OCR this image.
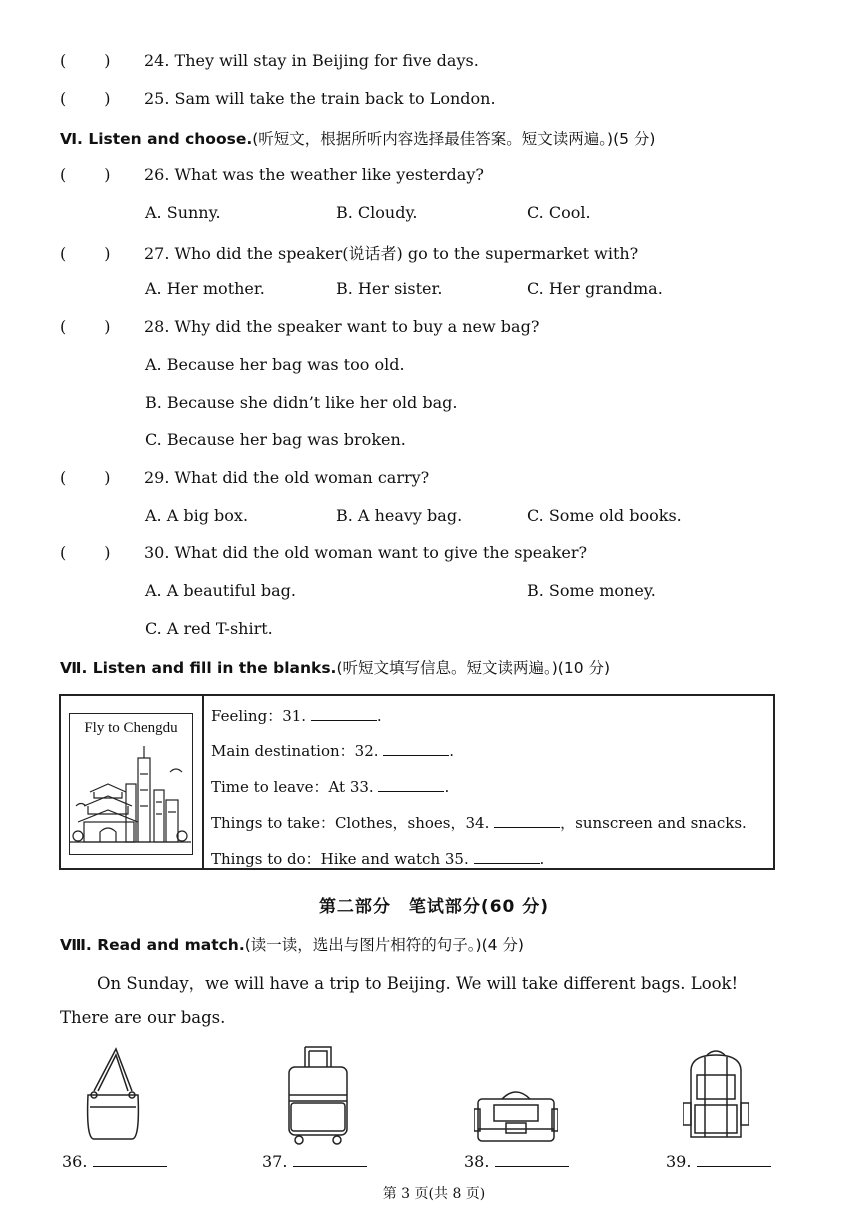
( ) 24. They will stay in Beijing for five days.
( ) 25. Sam will take the train back to London.
Ⅵ. Listen and choose.(听短文，根据所听内容选择最佳答案。短文读两遍。)(5 分)
( ) 26. What was the weather like yesterday?
A. Sunny.	B. Cloudy.	C. Cool.
( ) 27. Who did the speaker(说话者) go to the supermarket with?
A. Her mother.	B. Her sister.	C. Her grandma.
( ) 28. Why did the speaker want to buy a new bag?
A. Because her bag was too old.
B. Because she didn’t like her old bag.
C. Because her bag was broken.
( ) 29. What did the old woman carry?
A. A big box.	B. A heavy bag.	C. Some old books.
( ) 30. What did the old woman want to give the speaker?
A. A beautiful bag.	B. Some money.
C. A red T-shirt.
Ⅶ. Listen and fill in the blanks.(听短文填写信息。短文读两遍。)(10 分)
Fly to Chengdu
Feeling：31.	.
Main destination：32.	.
Time to leave：At 33.	.
Things to take：Clothes，shoes，34.	，sunscreen and snacks.
Things to do：Hike and watch 35.	.
第二部分　笔试部分(60 分)
Ⅷ. Read and match.(读一读，选出与图片相符的句子。)(4 分)
On Sunday，we will have a trip to Beijing. We will take different bags. Look!
There are our bags.
36.	37.	38.	39.
第 3 页(共 8 页)
